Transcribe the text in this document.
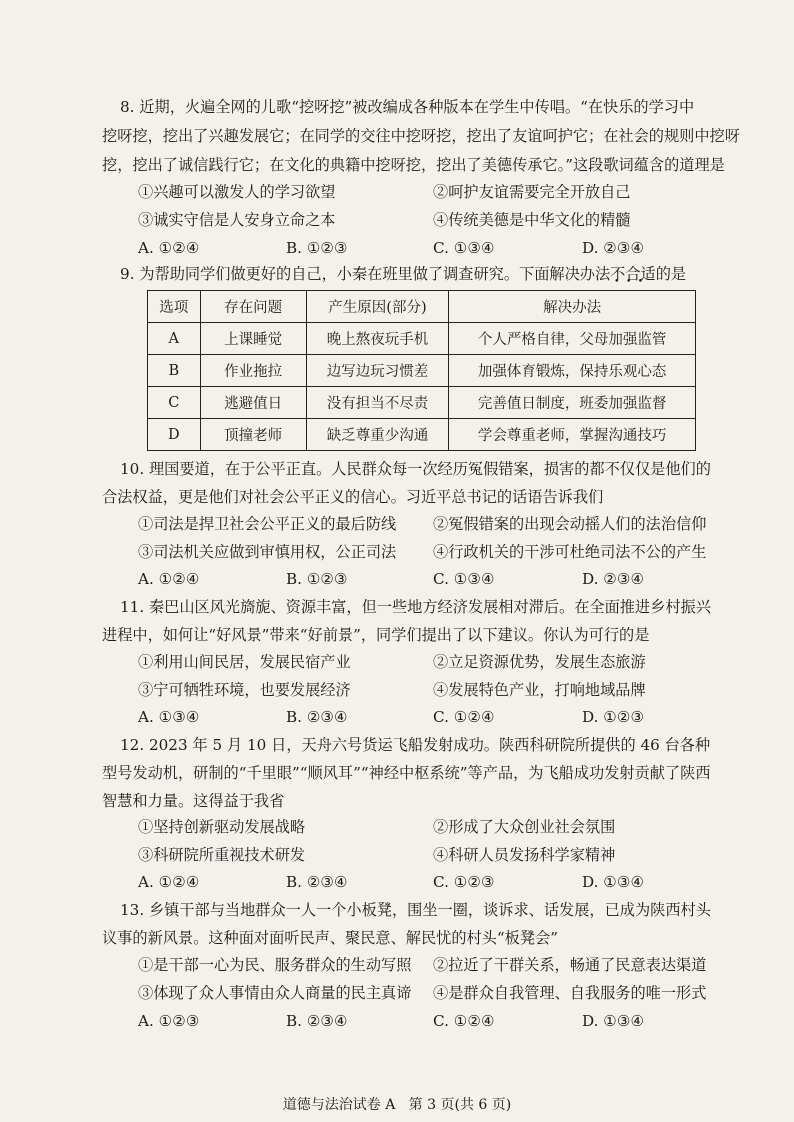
8. 近期，火遍全网的儿歌“挖呀挖”被改编成各种版本在学生中传唱。“在快乐的学习中
挖呀挖，挖出了兴趣发展它；在同学的交往中挖呀挖，挖出了友谊呵护它；在社会的规则中挖呀
挖，挖出了诚信践行它；在文化的典籍中挖呀挖，挖出了美德传承它。”这段歌词蕴含的道理是
①兴趣可以激发人的学习欲望	②呵护友谊需要完全开放自己
③诚实守信是人安身立命之本	④传统美德是中华文化的精髓
A. ①②④	B. ①②③	C. ①③④	D. ②③④
9. 为帮助同学们做更好的自己，小秦在班里做了调查研究。下面解决办法不合适 • • •的是
选项	存在问题	产生原因(部分)	解决办法
A	上课睡觉	晚上熬夜玩手机	个人严格自律，父母加强监管
B	作业拖拉	边写边玩习惯差	加强体育锻炼，保持乐观心态
C	逃避值日	没有担当不尽责	完善值日制度，班委加强监督
D	顶撞老师	缺乏尊重少沟通	学会尊重老师，掌握沟通技巧
10. 理国要道，在于公平正直。人民群众每一次经历冤假错案，损害的都不仅仅是他们的
合法权益，更是他们对社会公平正义的信心。习近平总书记的话语告诉我们
①司法是捍卫社会公平正义的最后防线 ②冤假错案的出现会动摇人们的法治信仰
③司法机关应做到审慎用权，公正司法 ④行政机关的干涉可杜绝司法不公的产生
A. ①②④	B. ①②③	C. ①③④	D. ②③④
11. 秦巴山区风光旖旎、资源丰富，但一些地方经济发展相对滞后。在全面推进乡村振兴
进程中，如何让“好风景”带来“好前景”，同学们提出了以下建议。你认为可行的是
①利用山间民居，发展民宿产业	②立足资源优势，发展生态旅游
③宁可牺牲环境，也要发展经济	④发展特色产业，打响地域品牌
A. ①③④	B. ②③④	C. ①②④	D. ①②③
12. 2023 年 5 月 10 日，天舟六号货运飞船发射成功。陕西科研院所提供的 46 台各种
型号发动机，研制的“千里眼”“顺风耳”“神经中枢系统”等产品，为飞船成功发射贡献了陕西
智慧和力量。这得益于我省
①坚持创新驱动发展战略	②形成了大众创业社会氛围
③科研院所重视技术研发	④科研人员发扬科学家精神
A. ①②④	B. ②③④	C. ①②③	D. ①③④
13. 乡镇干部与当地群众一人一个小板凳，围坐一圈，谈诉求、话发展，已成为陕西村头
议事的新风景。这种面对面听民声、聚民意、解民忧的村头“板凳会”
①是干部一心为民、服务群众的生动写照 ②拉近了干群关系，畅通了民意表达渠道
③体现了众人事情由众人商量的民主真谛 ④是群众自我管理、自我服务的唯一形式
A. ①②③	B. ②③④	C. ①②④	D. ①③④
道德与法治试卷 A   第 3 页(共 6 页)
